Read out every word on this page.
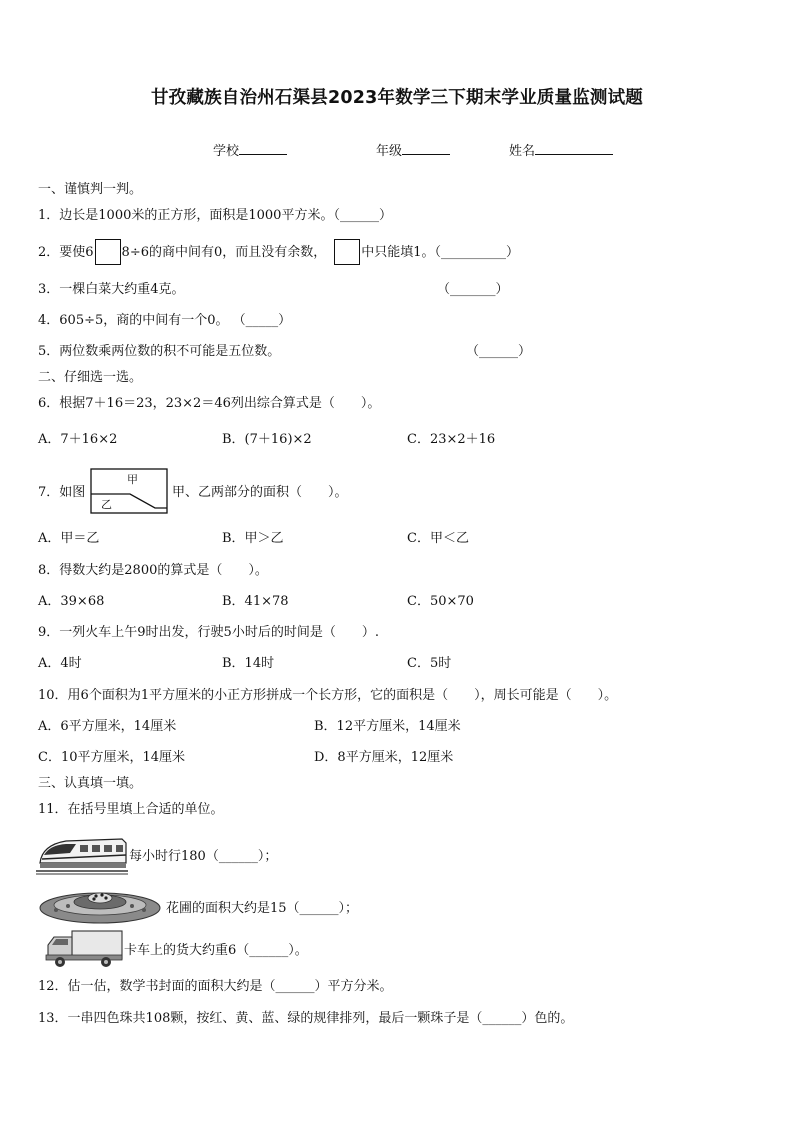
甘孜藏族自治州石渠县2023年数学三下期末学业质量监测试题
学校	年级	姓名
一、谨慎判一判。
1．边长是1000米的正方形，面积是1000平方米。（______）
2．要使6 8÷6的商中间有0，而且没有余数，	中只能填1。（__________）
3．一棵白菜大约重4克。	（_______）
4．605÷5，商的中间有一个0。 （_____）
5．两位数乘两位数的积不可能是五位数。	（______）
二、仔细选一选。
6．根据7＋16＝23，23×2＝46列出综合算式是（　　）。
A．7＋16×2	B．(7＋16)×2	C．23×2＋16
7．如图
甲
乙
甲、乙两部分的面积（　　）。
A．甲＝乙	B．甲＞乙	C．甲＜乙
8．得数大约是2800的算式是（　　）。
A．39×68	B．41×78	C．50×70
9．一列火车上午9时出发，行驶5小时后的时间是（　　）.
A．4时	B．14时	C．5时
10．用6个面积为1平方厘米的小正方形拼成一个长方形，它的面积是（　　），周长可能是（　　）。
A．6平方厘米，14厘米	B．12平方厘米，14厘米
C．10平方厘米，14厘米	D．8平方厘米，12厘米
三、认真填一填。
11．在括号里填上合适的单位。
每小时行180（______）；
花圃的面积大约是15（______）；
卡车上的货大约重6（______）。
12．估一估，数学书封面的面积大约是（______）平方分米。
13．一串四色珠共108颗，按红、黄、蓝、绿的规律排列，最后一颗珠子是（______）色的。
